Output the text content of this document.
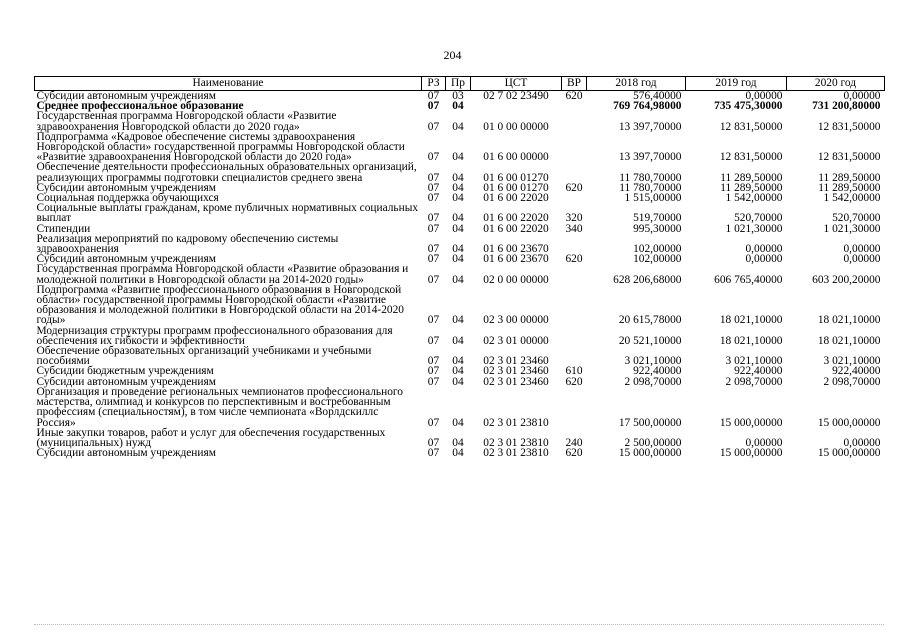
204
Наименование	РЗ	Пр	ЦСТ	ВР	2018 год	2019 год	2020 год
Субсидии автономным учреждениям	07	03	02 7 02 23490	620	576,40000	0,00000	0,00000
Среднее профессиональное образование	07	04			769 764,98000	735 475,30000	731 200,80000
Государственная программа Новгородской области «Развитие здравоохранения Новгородской области до 2020 года»	07	04	01 0 00 00000		13 397,70000	12 831,50000	12 831,50000
Подпрограмма «Кадровое обеспечение системы здравоохранения Новгородской области» государственной программы Новгородской области «Развитие здравоохранения Новгородской области до 2020 года»	07	04	01 6 00 00000		13 397,70000	12 831,50000	12 831,50000
Обеспечение деятельности профессиональных образовательных организаций, реализующих программы подготовки специалистов среднего звена	07	04	01 6 00 01270		11 780,70000	11 289,50000	11 289,50000
Субсидии автономным учреждениям	07	04	01 6 00 01270	620	11 780,70000	11 289,50000	11 289,50000
Социальная поддержка обучающихся	07	04	01 6 00 22020		1 515,00000	1 542,00000	1 542,00000
Социальные выплаты гражданам, кроме публичных нормативных социальных выплат	07	04	01 6 00 22020	320	519,70000	520,70000	520,70000
Стипендии	07	04	01 6 00 22020	340	995,30000	1 021,30000	1 021,30000
Реализация мероприятий по кадровому обеспечению системы здравоохранения	07	04	01 6 00 23670		102,00000	0,00000	0,00000
Субсидии автономным учреждениям	07	04	01 6 00 23670	620	102,00000	0,00000	0,00000
Государственная программа Новгородской области «Развитие образования и молодежной политики в Новгородской области на 2014-2020 годы»	07	04	02 0 00 00000		628 206,68000	606 765,40000	603 200,20000
Подпрограмма «Развитие профессионального образования в Новгородской области» государственной программы Новгородской области «Развитие образования и молодежной политики в Новгородской области на 2014-2020 годы»	07	04	02 3 00 00000		20 615,78000	18 021,10000	18 021,10000
Модернизация структуры программ профессионального образования для обеспечения их гибкости и эффективности	07	04	02 3 01 00000		20 521,10000	18 021,10000	18 021,10000
Обеспечение образовательных организаций учебниками и учебными пособиями	07	04	02 3 01 23460		3 021,10000	3 021,10000	3 021,10000
Субсидии бюджетным учреждениям	07	04	02 3 01 23460	610	922,40000	922,40000	922,40000
Субсидии автономным учреждениям	07	04	02 3 01 23460	620	2 098,70000	2 098,70000	2 098,70000
Организация и проведение региональных чемпионатов профессионального мастерства, олимпиад и конкурсов по перспективным и востребованным профессиям (специальностям), в том числе чемпионата «Ворлдскиллс Россия»	07	04	02 3 01 23810		17 500,00000	15 000,00000	15 000,00000
Иные закупки товаров, работ и услуг для обеспечения государственных (муниципальных) нужд	07	04	02 3 01 23810	240	2 500,00000	0,00000	0,00000
Субсидии автономным учреждениям	07	04	02 3 01 23810	620	15 000,00000	15 000,00000	15 000,00000
